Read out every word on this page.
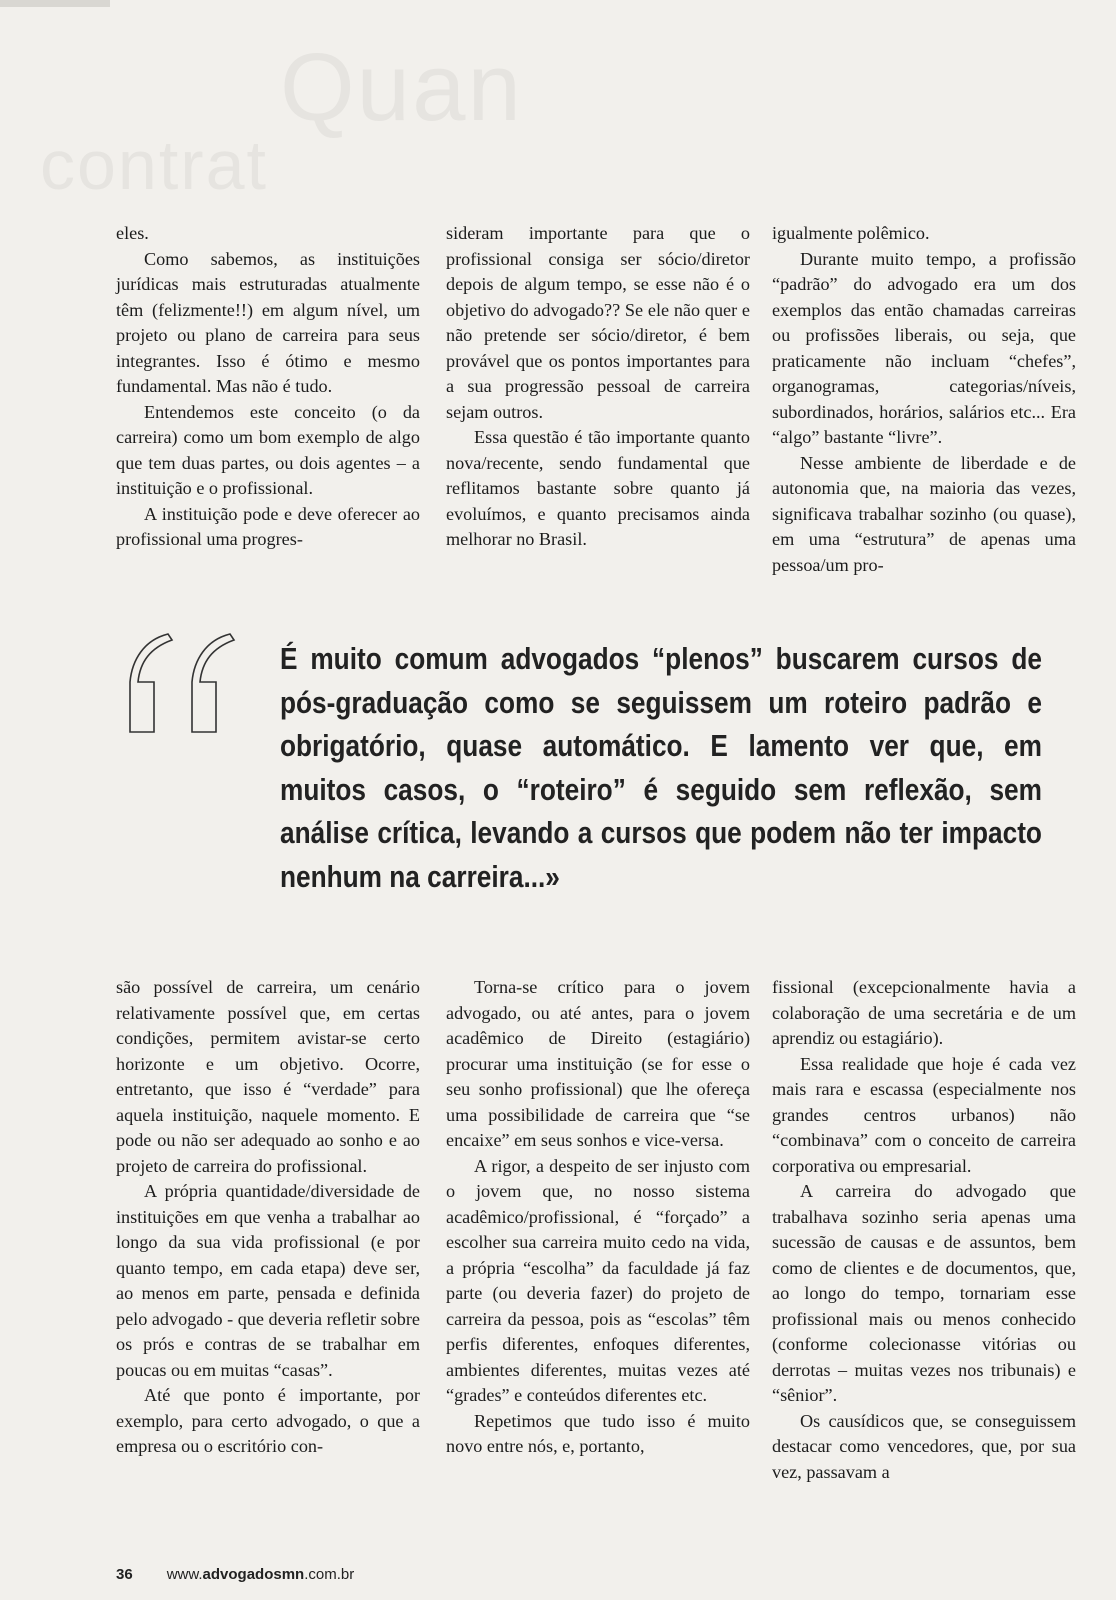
Quan
contrat

eles.

Como sabemos, as instituições jurídicas mais estruturadas atualmente têm (felizmente!!) em algum nível, um projeto ou plano de carreira para seus integrantes. Isso é ótimo e mesmo fundamental. Mas não é tudo.

Entendemos este conceito (o da carreira) como um bom exemplo de algo que tem duas partes, ou dois agentes – a instituição e o profissional.

A instituição pode e deve oferecer ao profissional uma progres-

sideram importante para que o profissional consiga ser sócio/diretor depois de algum tempo, se esse não é o objetivo do advogado?? Se ele não quer e não pretende ser sócio/diretor, é bem provável que os pontos importantes para a sua progressão pessoal de carreira sejam outros.

Essa questão é tão importante quanto nova/recente, sendo fundamental que reflitamos bastante sobre quanto já evoluímos, e quanto precisamos ainda melhorar no Brasil.

igualmente polêmico.

Durante muito tempo, a profissão “padrão” do advogado era um dos exemplos das então chamadas carreiras ou profissões liberais, ou seja, que praticamente não incluam “chefes”, organogramas, categorias/níveis, subordinados, horários, salários etc... Era “algo” bastante “livre”.

Nesse ambiente de liberdade e de autonomia que, na maioria das vezes, significava trabalhar sozinho (ou quase), em uma “estrutura” de apenas uma pessoa/um pro-

É muito comum advogados “plenos” buscarem cursos de pós-graduação como se seguissem um roteiro padrão e obrigatório, quase automático. E lamento ver que, em muitos casos, o “roteiro” é seguido sem reflexão, sem análise crítica, levando a cursos que podem não ter impacto nenhum na carreira...»

são possível de carreira, um cenário relativamente possível que, em certas condições, permitem avistar-se certo horizonte e um objetivo. Ocorre, entretanto, que isso é “verdade” para aquela instituição, naquele momento. E pode ou não ser adequado ao sonho e ao projeto de carreira do profissional.

A própria quantidade/diversidade de instituições em que venha a trabalhar ao longo da sua vida profissional (e por quanto tempo, em cada etapa) deve ser, ao menos em parte, pensada e definida pelo advogado - que deveria refletir sobre os prós e contras de se trabalhar em poucas ou em muitas “casas”.

Até que ponto é importante, por exemplo, para certo advogado, o que a empresa ou o escritório con-

Torna-se crítico para o jovem advogado, ou até antes, para o jovem acadêmico de Direito (estagiário) procurar uma instituição (se for esse o seu sonho profissional) que lhe ofereça uma possibilidade de carreira que “se encaixe” em seus sonhos e vice-versa.

A rigor, a despeito de ser injusto com o jovem que, no nosso sistema acadêmico/profissional, é “forçado” a escolher sua carreira muito cedo na vida, a própria “escolha” da faculdade já faz parte (ou deveria fazer) do projeto de carreira da pessoa, pois as “escolas” têm perfis diferentes, enfoques diferentes, ambientes diferentes, muitas vezes até “grades” e conteúdos diferentes etc.

Repetimos que tudo isso é muito novo entre nós, e, portanto,

fissional (excepcionalmente havia a colaboração de uma secretária e de um aprendiz ou estagiário).

Essa realidade que hoje é cada vez mais rara e escassa (especialmente nos grandes centros urbanos) não “combinava” com o conceito de carreira corporativa ou empresarial.

A carreira do advogado que trabalhava sozinho seria apenas uma sucessão de causas e de assuntos, bem como de clientes e de documentos, que, ao longo do tempo, tornariam esse profissional mais ou menos conhecido (conforme colecionasse vitórias ou derrotas – muitas vezes nos tribunais) e “sênior”.

Os causídicos que, se conseguissem destacar como vencedores, que, por sua vez, passavam a

36 www.advogadosmn.com.br
